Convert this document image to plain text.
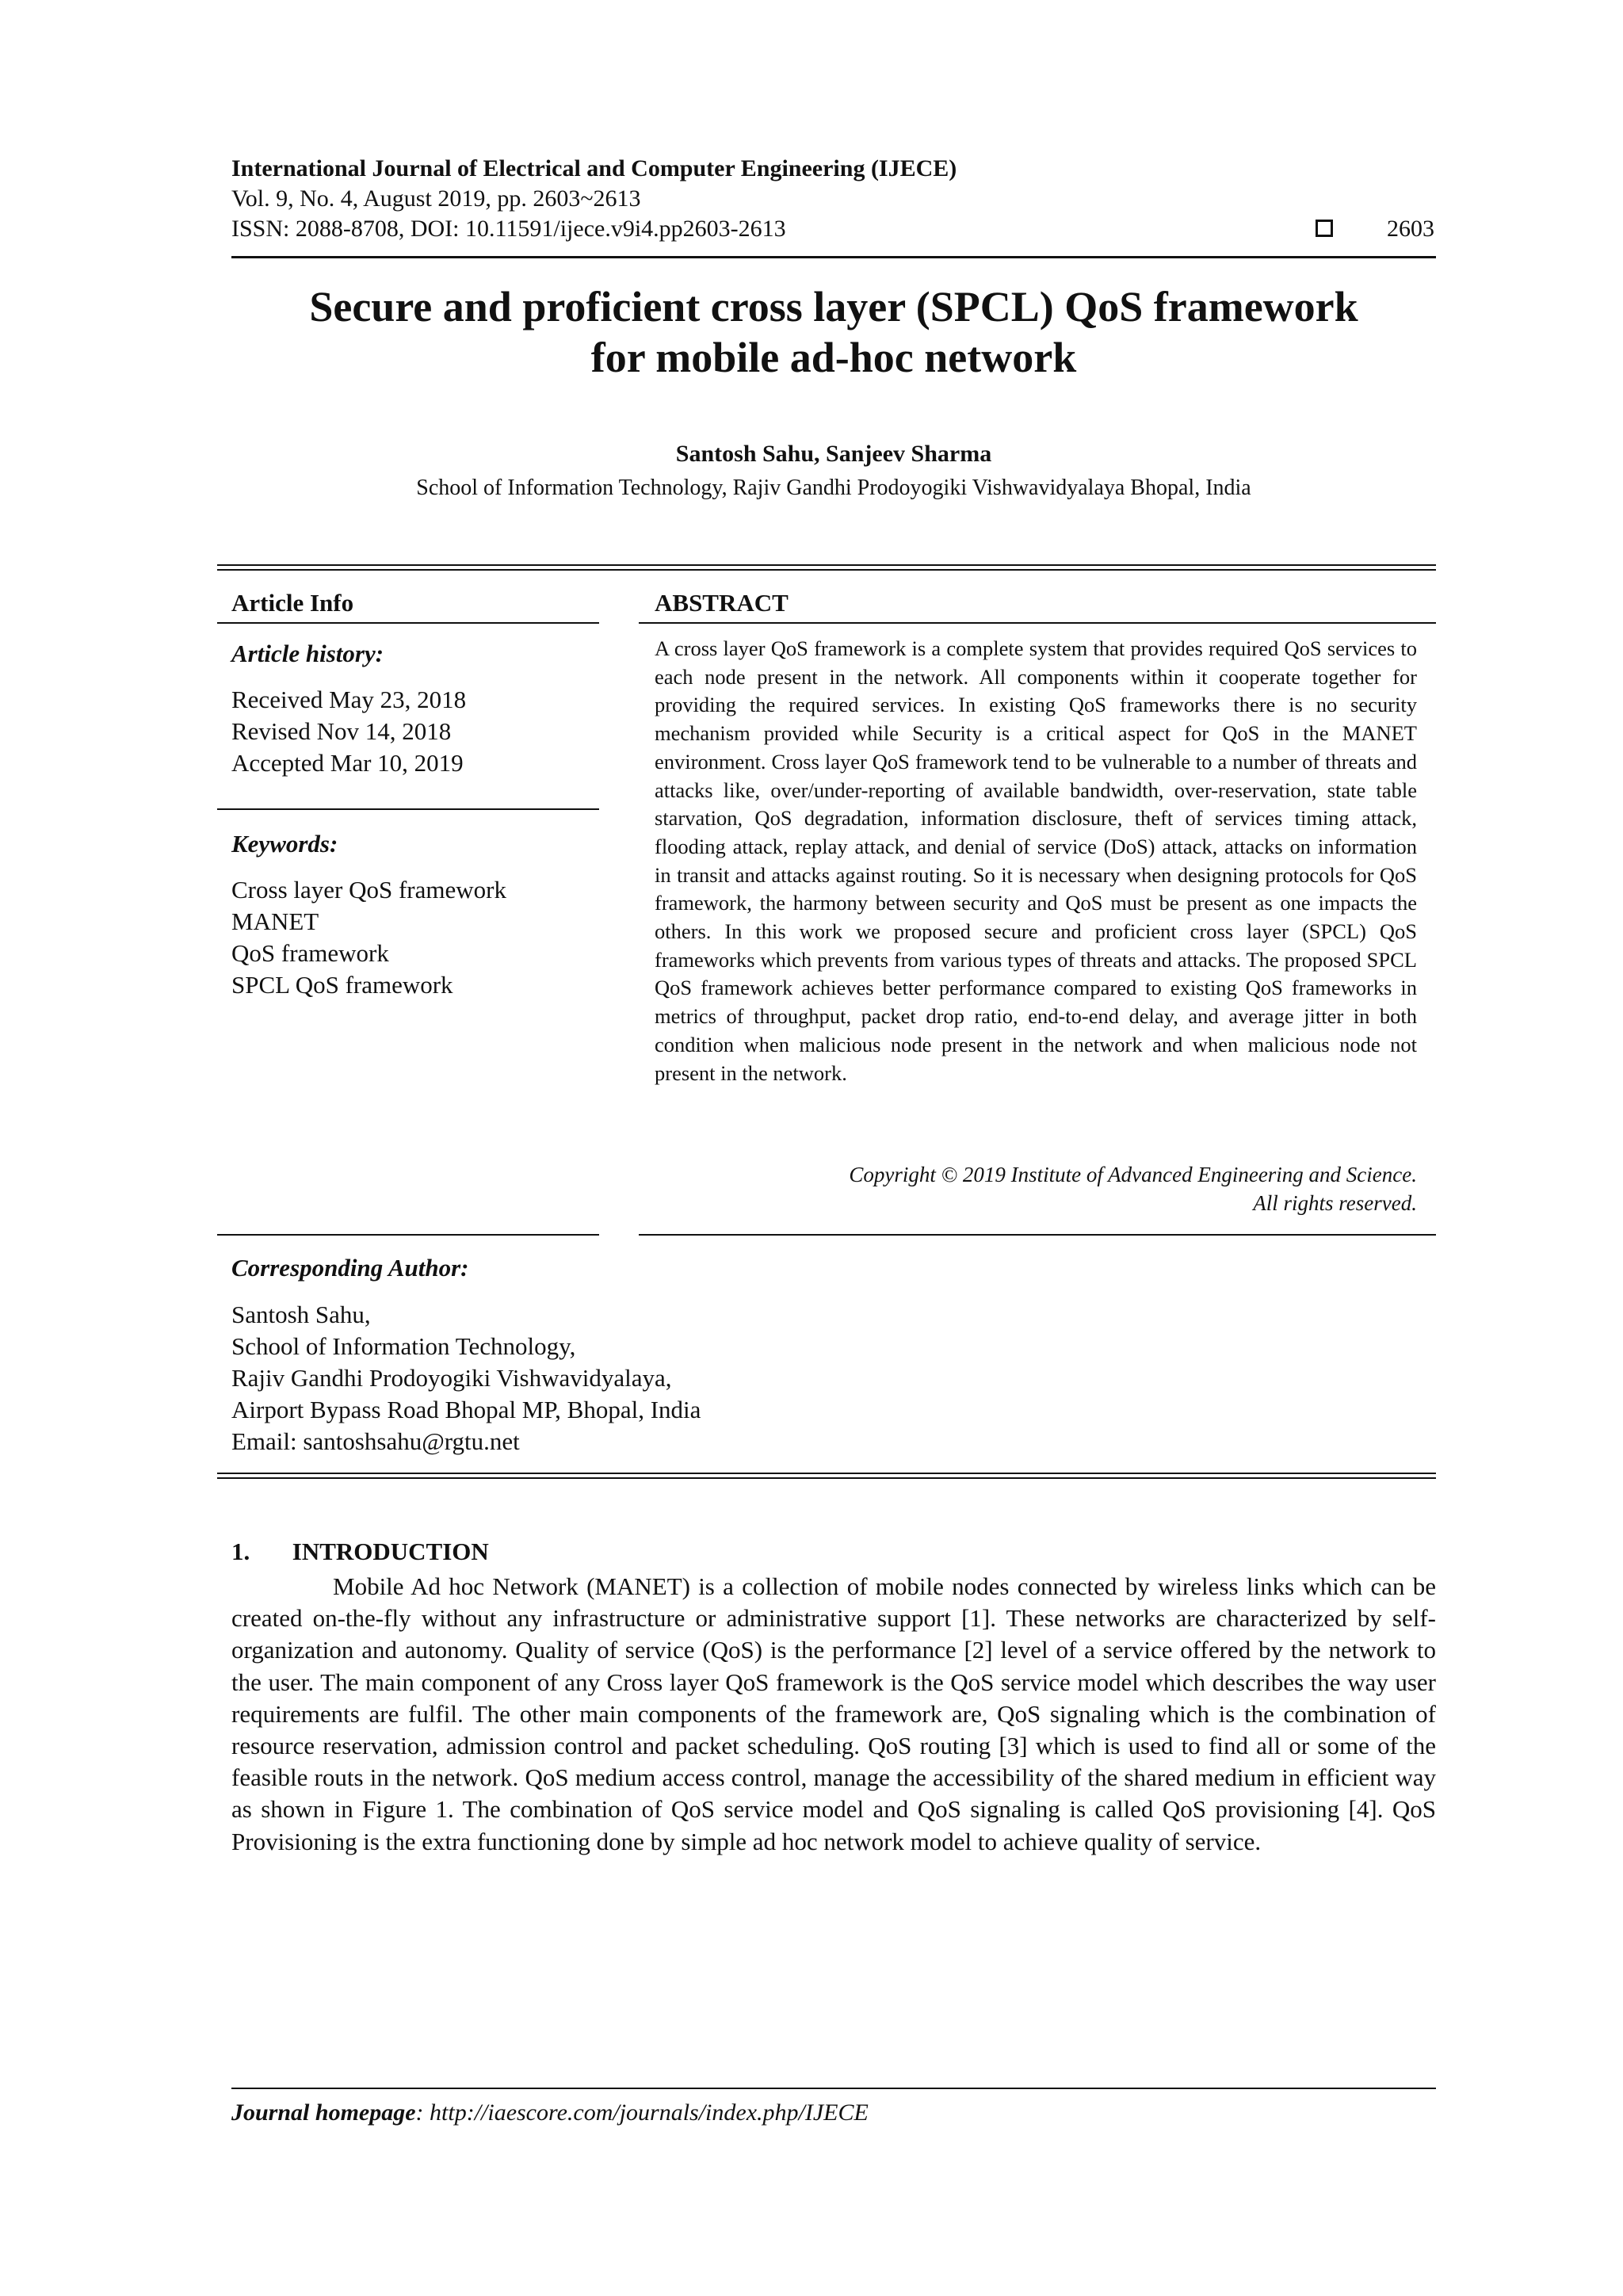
International Journal of Electrical and Computer Engineering (IJECE)
Vol. 9, No. 4, August 2019, pp. 2603~2613
ISSN: 2088-8708, DOI: 10.11591/ijece.v9i4.pp2603-2613	2603
Secure and proficient cross layer (SPCL) QoS framework
for mobile ad-hoc network
Santosh Sahu, Sanjeev Sharma
School of Information Technology, Rajiv Gandhi Prodoyogiki Vishwavidyalaya Bhopal, India
Article Info
Article history:
Received May 23, 2018
Revised Nov 14, 2018
Accepted Mar 10, 2019
Keywords:
Cross layer QoS framework
MANET
QoS framework
SPCL QoS framework
ABSTRACT
A cross layer QoS framework is a complete system that provides required QoS services to each node present in the network. All components within it cooperate together for providing the required services. In existing QoS frameworks there is no security mechanism provided while Security is a critical aspect for QoS in the MANET environment. Cross layer QoS framework tend to be vulnerable to a number of threats and attacks like, over/under-reporting of available bandwidth, over-reservation, state table starvation, QoS degradation, information disclosure, theft of services timing attack, flooding attack, replay attack, and denial of service (DoS) attack, attacks on information in transit and attacks against routing. So it is necessary when designing protocols for QoS framework, the harmony between security and QoS must be present as one impacts the others. In this work we proposed secure and proficient cross layer (SPCL) QoS frameworks which prevents from various types of threats and attacks. The proposed SPCL QoS framework achieves better performance compared to existing QoS frameworks in metrics of throughput, packet drop ratio, end-to-end delay, and average jitter in both condition when malicious node present in the network and when malicious node not present in the network.
Copyright © 2019 Institute of Advanced Engineering and Science.
All rights reserved.
Corresponding Author:
Santosh Sahu,
School of Information Technology,
Rajiv Gandhi Prodoyogiki Vishwavidyalaya,
Airport Bypass Road Bhopal MP, Bhopal, India
Email: santoshsahu@rgtu.net
1. INTRODUCTION
Mobile Ad hoc Network (MANET) is a collection of mobile nodes connected by wireless links which can be created on-the-fly without any infrastructure or administrative support [1]. These networks are characterized by self-organization and autonomy. Quality of service (QoS) is the performance [2] level of a service offered by the network to the user. The main component of any Cross layer QoS framework is the QoS service model which describes the way user requirements are fulfil. The other main components of the framework are, QoS signaling which is the combination of resource reservation, admission control and packet scheduling. QoS routing [3] which is used to find all or some of the feasible routs in the network. QoS medium access control, manage the accessibility of the shared medium in efficient way as shown in Figure 1. The combination of QoS service model and QoS signaling is called QoS provisioning [4]. QoS Provisioning is the extra functioning done by simple ad hoc network model to achieve quality of service.
Journal homepage: http://iaescore.com/journals/index.php/IJECE
